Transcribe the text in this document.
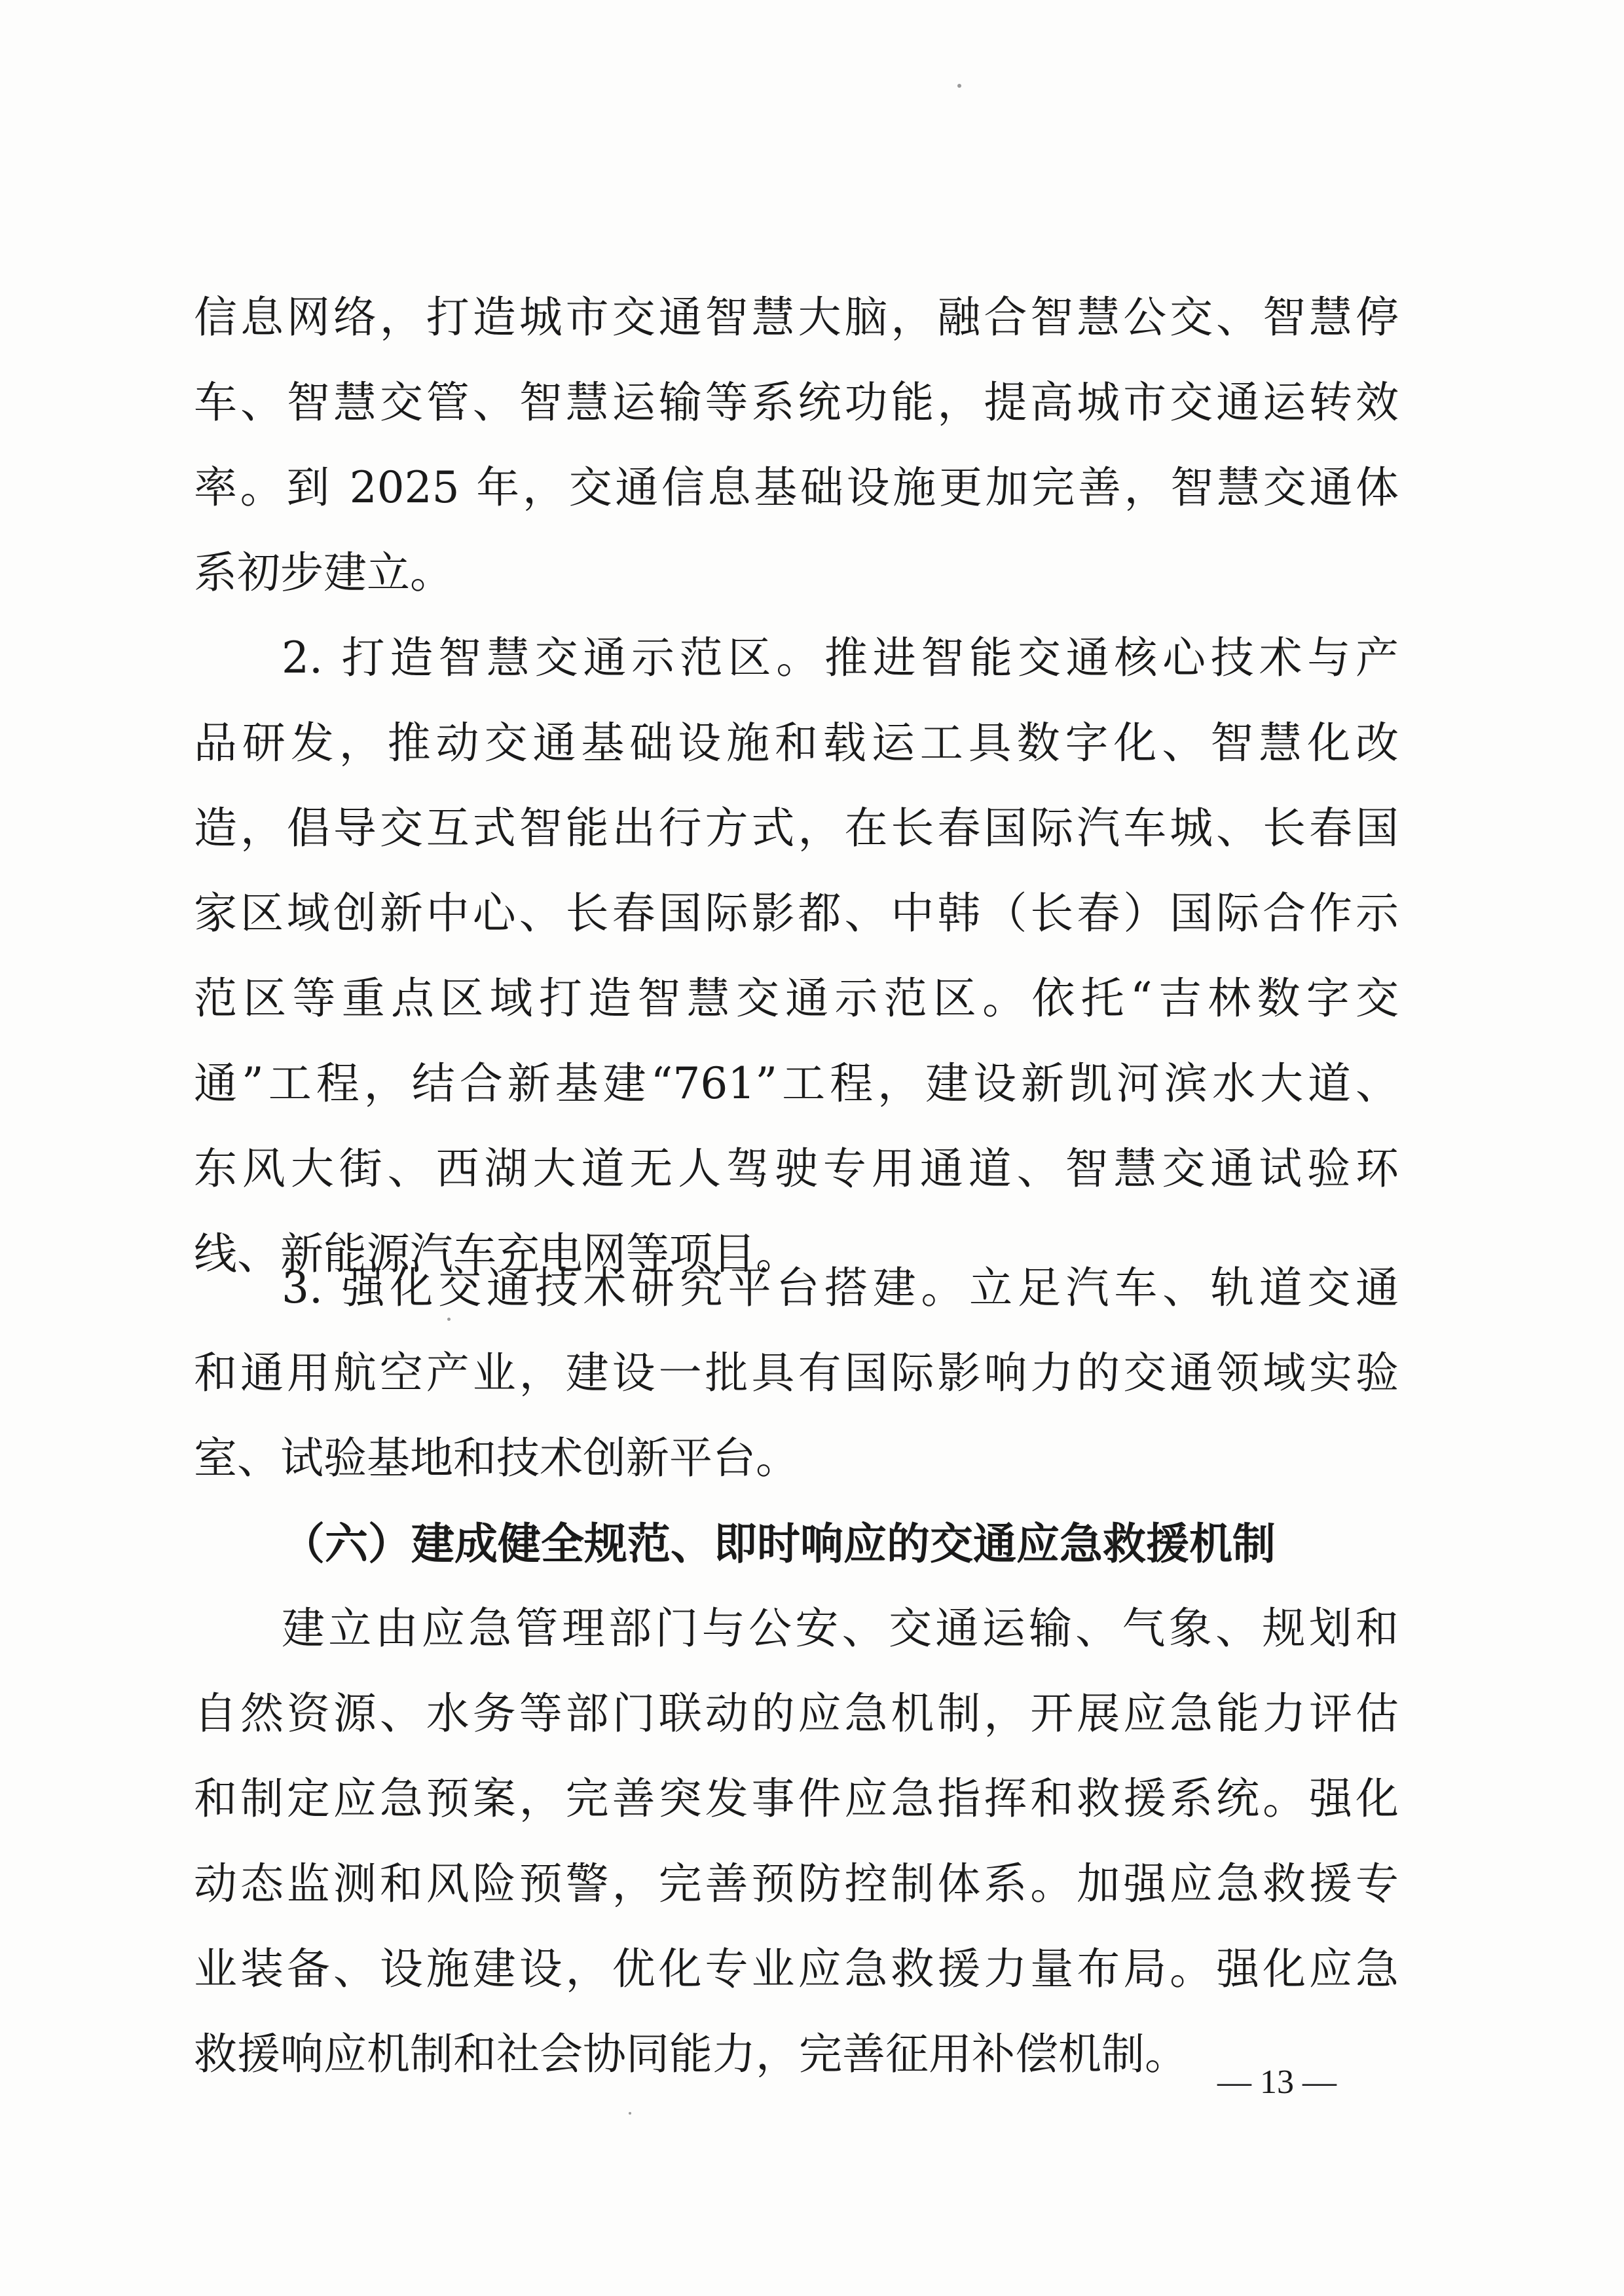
信息网络，打造城市交通智慧大脑，融合智慧公交、智慧停
车、智慧交管、智慧运输等系统功能，提高城市交通运转效
率。到 2025 年，交通信息基础设施更加完善，智慧交通体
系初步建立。
2. 打造智慧交通示范区。推进智能交通核心技术与产
品研发，推动交通基础设施和载运工具数字化、智慧化改
造，倡导交互式智能出行方式，在长春国际汽车城、长春国
家区域创新中心、长春国际影都、中韩（长春）国际合作示
范区等重点区域打造智慧交通示范区。依托“吉林数字交
通”工程，结合新基建“761”工程，建设新凯河滨水大道、
东风大街、西湖大道无人驾驶专用通道、智慧交通试验环
线、新能源汽车充电网等项目。
3. 强化交通技术研究平台搭建。立足汽车、轨道交通
和通用航空产业，建设一批具有国际影响力的交通领域实验
室、试验基地和技术创新平台。
（六）建成健全规范、即时响应的交通应急救援机制
建立由应急管理部门与公安、交通运输、气象、规划和
自然资源、水务等部门联动的应急机制，开展应急能力评估
和制定应急预案，完善突发事件应急指挥和救援系统。强化
动态监测和风险预警，完善预防控制体系。加强应急救援专
业装备、设施建设，优化专业应急救援力量布局。强化应急
救援响应机制和社会协同能力，完善征用补偿机制。
— 13 —
